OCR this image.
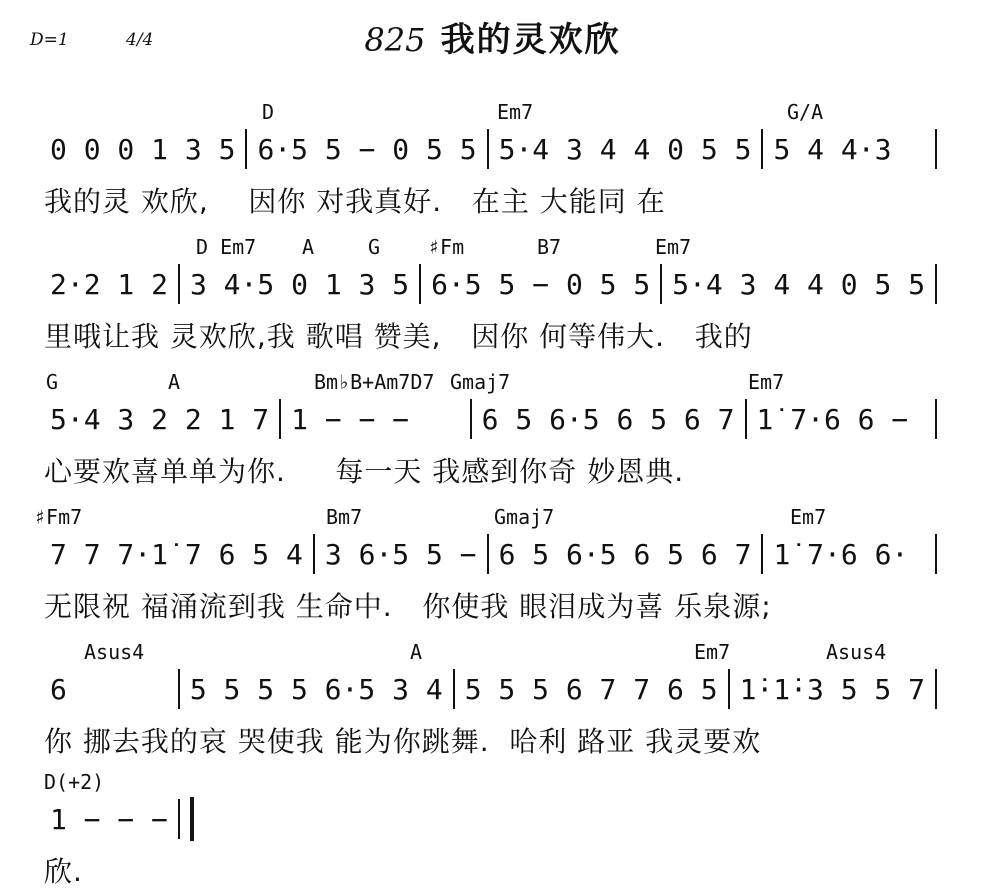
D=1	4/4	825 我的灵欢欣
D	Em7	G/A
0 0 0 1 3 5 6·5 5 − 0 5 5 5·4 3 4 4 0 5 5 5 4 4·3
我的灵 欢欣,    因你 对我真好.   在主 大能同 在
D Em7 A	G ♯Fm	B7	Em7
2·2 1 2 3 4·5 0 1 3 5 6·5 5 − 0 5 5 5·4 3 4 4 0 5 5
里哦让我 灵欢欣,我 歌唱 赞美,   因你 何等伟大.   我的
G	A	Bm♭B+Am7D7 Gmaj7	Em7
5·4 3 2 2 1 7 1 − − −	6 5 6·5 6 5 6 7 1̇ 7·6 6 −
心要欢喜单单为你.     每一天 我感到你奇 妙恩典.
♯Fm7	Bm7	Gmaj7	Em7
7 7 7·1̇ 7 6 5 4 3 6·5 5 − 6 5 6·5 6 5 6 7 1̇ 7·6 6·
无限祝 福涌流到我 生命中.   你使我 眼泪成为喜 乐泉源;
Asus4	A	Em7	Asus4
6	5 5 5 5 6·5 3 4 5 5 5 6 7 7 6 5 1̇·1̇·3 5 5 7
你 挪去我的哀 哭使我 能为你跳舞.  哈利 路亚 我灵要欢
D(+2)
1 − − −
欣.
